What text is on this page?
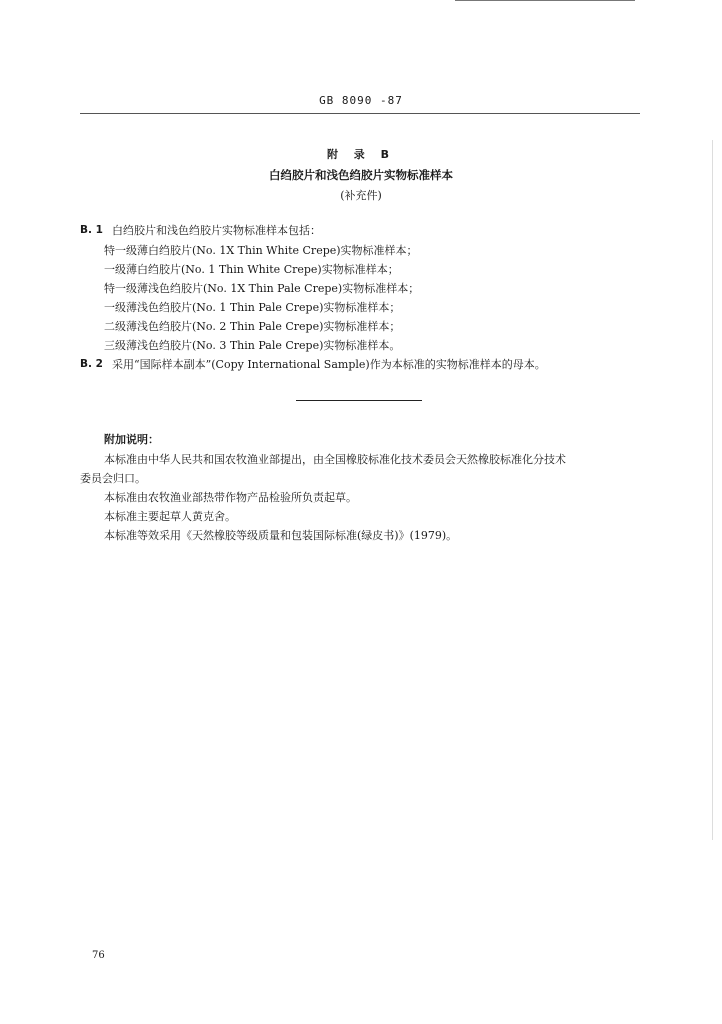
GB 8090 -87
附 录 B
白绉胶片和浅色绉胶片实物标准样本
(补充件)
B. 1 白绉胶片和浅色绉胶片实物标准样本包括：
特一级薄白绉胶片(No. 1X Thin White Crepe)实物标准样本；
一级薄白绉胶片(No. 1 Thin White Crepe)实物标准样本；
特一级薄浅色绉胶片(No. 1X Thin Pale Crepe)实物标准样本；
一级薄浅色绉胶片(No. 1 Thin Pale Crepe)实物标准样本；
二级薄浅色绉胶片(No. 2 Thin Pale Crepe)实物标准样本；
三级薄浅色绉胶片(No. 3 Thin Pale Crepe)实物标准样本。
B. 2 采用“国际样本副本”(Copy International Sample)作为本标准的实物标准样本的母本。
附加说明：
本标准由中华人民共和国农牧渔业部提出，由全国橡胶标准化技术委员会天然橡胶标准化分技术
委员会归口。
本标准由农牧渔业部热带作物产品检验所负责起草。
本标准主要起草人黄克舍。
本标准等效采用《天然橡胶等级质量和包装国际标准(绿皮书)》(1979)。
76
